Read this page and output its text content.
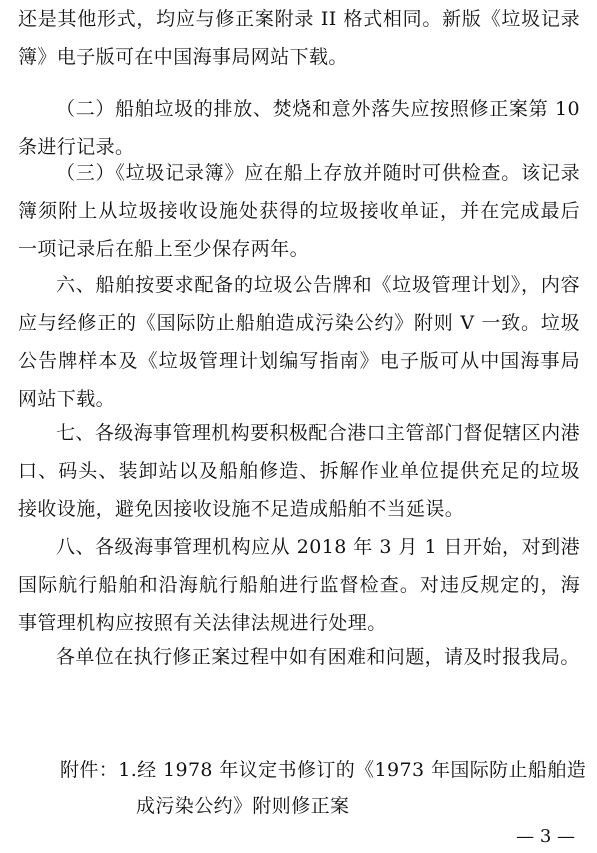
还是其他形式，均应与修正案附录 II 格式相同。新版《垃圾记录簿》电子版可在中国海事局网站下载。

（二）船舶垃圾的排放、焚烧和意外落失应按照修正案第 10 条进行记录。

（三）《垃圾记录簿》应在船上存放并随时可供检查。该记录簿须附上从垃圾接收设施处获得的垃圾接收单证，并在完成最后一项记录后在船上至少保存两年。

六、船舶按要求配备的垃圾公告牌和《垃圾管理计划》，内容应与经修正的《国际防止船舶造成污染公约》附则 V 一致。垃圾公告牌样本及《垃圾管理计划编写指南》电子版可从中国海事局网站下载。

七、各级海事管理机构要积极配合港口主管部门督促辖区内港口、码头、装卸站以及船舶修造、拆解作业单位提供充足的垃圾接收设施，避免因接收设施不足造成船舶不当延误。

八、各级海事管理机构应从 2018 年 3 月 1 日开始，对到港国际航行船舶和沿海航行船舶进行监督检查。对违反规定的，海事管理机构应按照有关法律法规进行处理。

各单位在执行修正案过程中如有困难和问题，请及时报我局。

附件：1.经 1978 年议定书修订的《1973 年国际防止船舶造

成污染公约》附则修正案

— 3 —
